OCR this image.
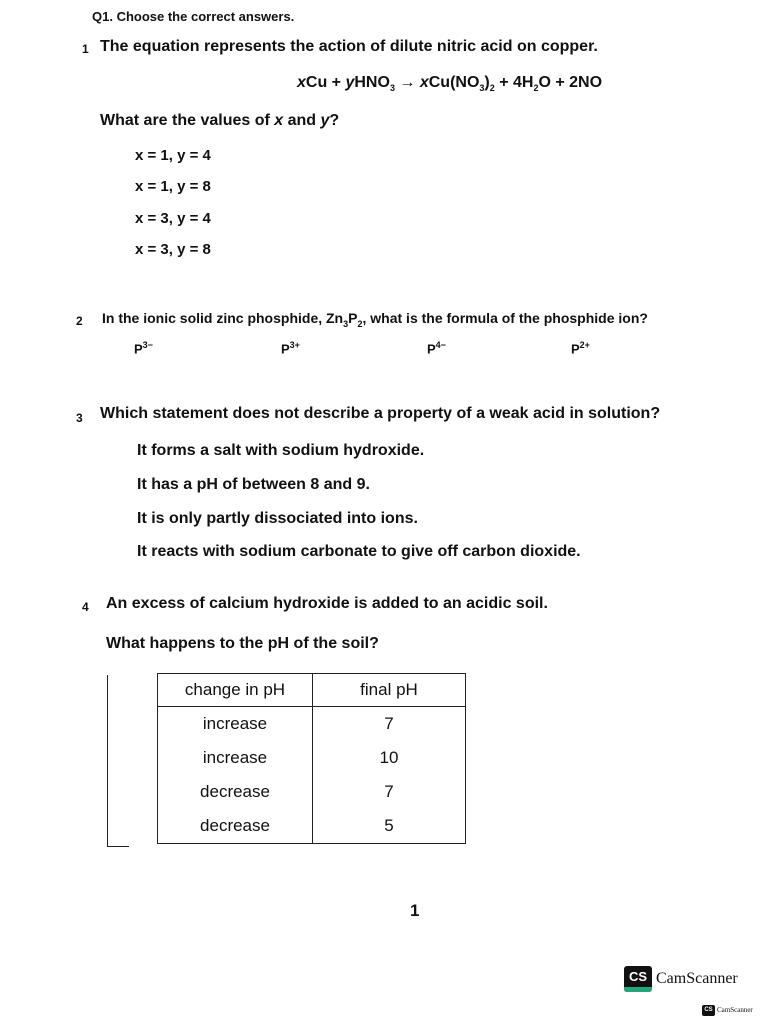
Q1. Choose the correct answers.
1 The equation represents the action of dilute nitric acid on copper.
xCu + yHNO$_3$ → $xCu(NO_3)_2 + 4H_2O + 2NO$
What are the values of x and y?
x = 1, y = 4
x = 1, y = 8
x = 3, y = 4
x = 3, y = 8
2 In the ionic solid zinc phosphide, $Zn_3P_2$, what is the formula of the phosphide ion?
$P^{3-}$	$P^{3+}$	$P^{4-}$	$P^{2+}$
3 Which statement does not describe a property of a weak acid in solution?
It forms a salt with sodium hydroxide.
It has a pH of between 8 and 9.
It is only partly dissociated into ions.
It reacts with sodium carbonate to give off carbon dioxide.
4 An excess of calcium hydroxide is added to an acidic soil.
What happens to the pH of the soil?
change in pH	final pH
increase	7
increase	10
decrease	7
decrease	5
1
CS CamScanner
CS CamScanner
